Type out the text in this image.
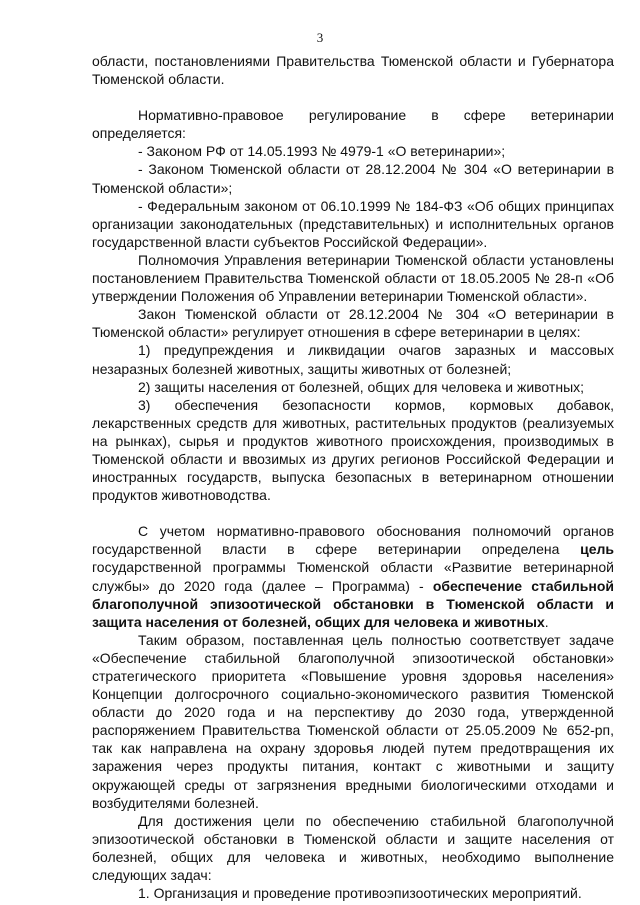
3

области, постановлениями Правительства Тюменской области и Губернатора Тюменской области.

Нормативно-правовое регулирование в сфере ветеринарии определяется:

- Законом РФ от 14.05.1993 № 4979-1 «О ветеринарии»;

- Законом Тюменской области от 28.12.2004 № 304 «О ветеринарии в Тюменской области»;

- Федеральным законом от 06.10.1999 № 184-ФЗ «Об общих принципах организации законодательных (представительных) и исполнительных органов государственной власти субъектов Российской Федерации».

Полномочия Управления ветеринарии Тюменской области установлены постановлением Правительства Тюменской области от 18.05.2005 № 28-п «Об утверждении Положения об Управлении ветеринарии Тюменской области».

Закон Тюменской области от 28.12.2004 № 304 «О ветеринарии в Тюменской области» регулирует отношения в сфере ветеринарии в целях:

1) предупреждения и ликвидации очагов заразных и массовых незаразных болезней животных, защиты животных от болезней;

2) защиты населения от болезней, общих для человека и животных;

3) обеспечения безопасности кормов, кормовых добавок, лекарственных средств для животных, растительных продуктов (реализуемых на рынках), сырья и продуктов животного происхождения, производимых в Тюменской области и ввозимых из других регионов Российской Федерации и иностранных государств, выпуска безопасных в ветеринарном отношении продуктов животноводства.

С учетом нормативно-правового обоснования полномочий органов государственной власти в сфере ветеринарии определена цель государственной программы Тюменской области «Развитие ветеринарной службы» до 2020 года (далее – Программа) - обеспечение стабильной благополучной эпизоотической обстановки в Тюменской области и защита населения от болезней, общих для человека и животных.

Таким образом, поставленная цель полностью соответствует задаче «Обеспечение стабильной благополучной эпизоотической обстановки» стратегического приоритета «Повышение уровня здоровья населения» Концепции долгосрочного социально-экономического развития Тюменской области до 2020 года и на перспективу до 2030 года, утвержденной распоряжением Правительства Тюменской области от 25.05.2009 № 652-рп, так как направлена на охрану здоровья людей путем предотвращения их заражения через продукты питания, контакт с животными и защиту окружающей среды от загрязнения вредными биологическими отходами и возбудителями болезней.

Для достижения цели по обеспечению стабильной благополучной эпизоотической обстановки в Тюменской области и защите населения от болезней, общих для человека и животных, необходимо выполнение следующих задач:

1. Организация и проведение противоэпизоотических мероприятий.
